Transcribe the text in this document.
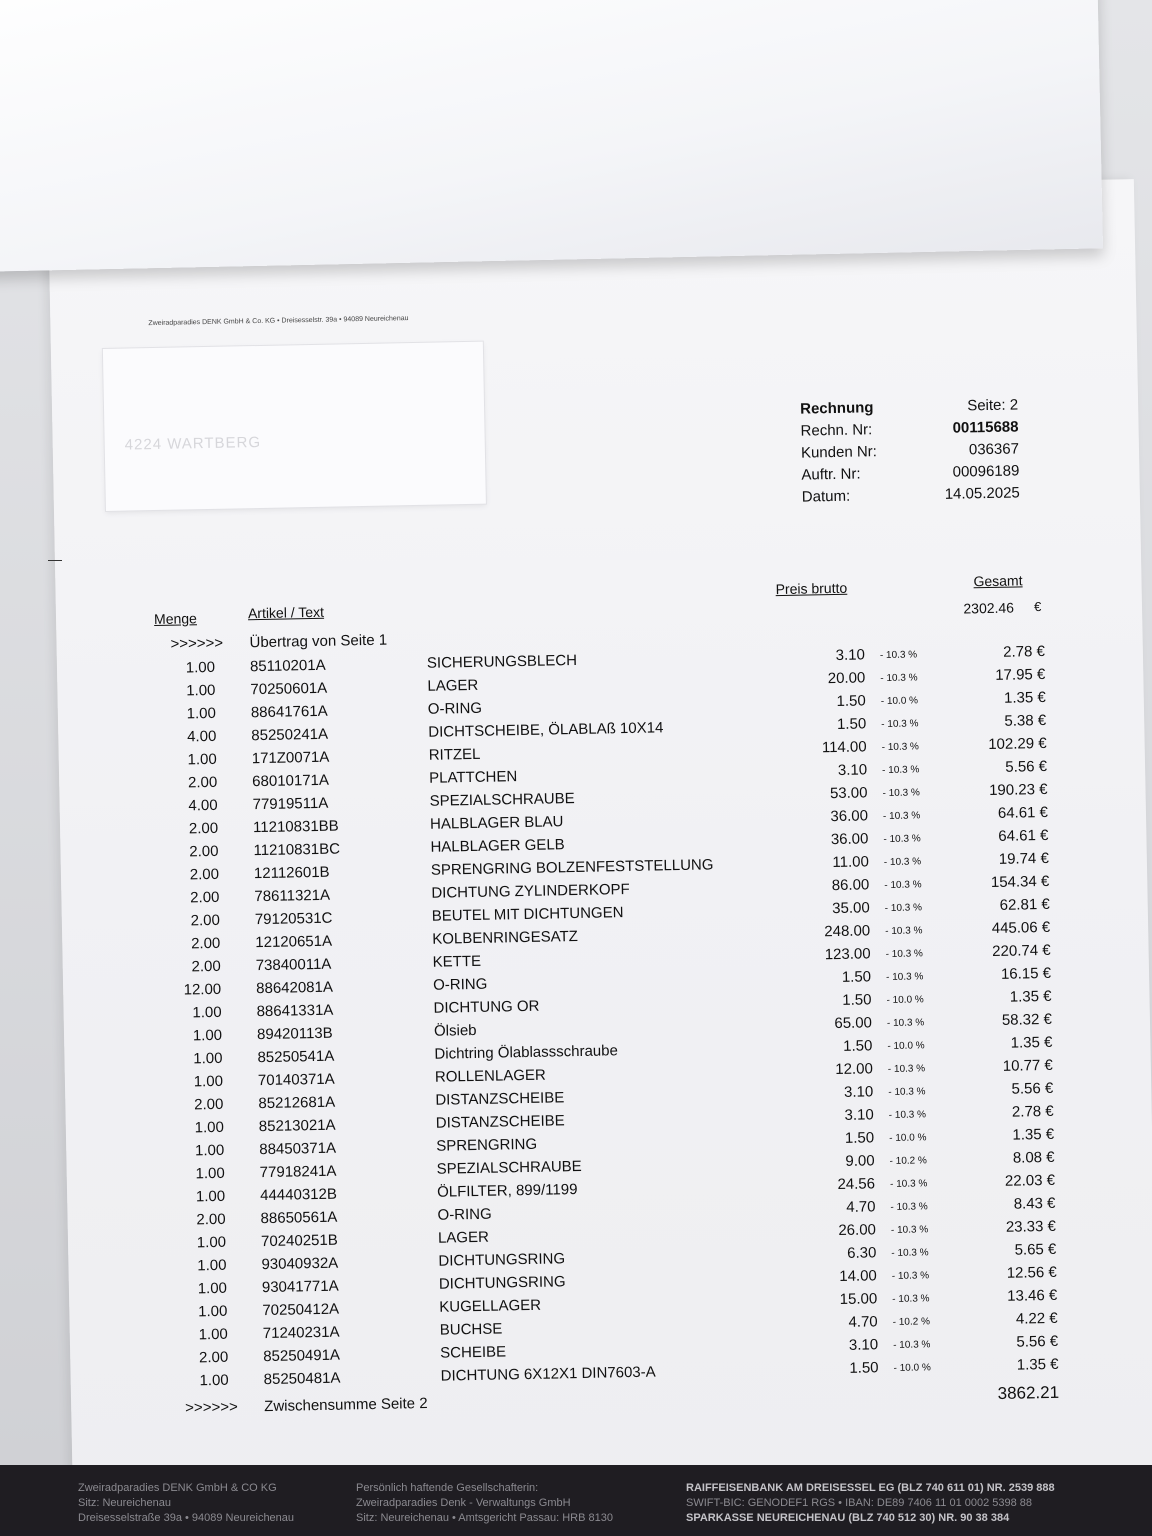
Zweiradparadies DENK GmbH & Co. KG • Dreisesselstr. 39a • 94089 Neureichenau
4224 WARTBERG
Rechnung	Seite: 2
Rechn. Nr:	00115688
Kunden Nr:	036367
Auftr. Nr:	00096189
Datum:	14.05.2025
Menge	Artikel / Text
Preis brutto	Gesamt
2302.46 €
>>>>>> Übertrag von Seite 1
1.00 85110201A	SICHERUNGSBLECH	3.10 - 10.3 %	2.78 €
1.00 70250601A	LAGER	20.00 - 10.3 %	17.95 €
1.00 88641761A	O-RING	1.50 - 10.0 %	1.35 €
4.00 85250241A	DICHTSCHEIBE, ÖLABLAß 10X14	1.50 - 10.3 %	5.38 €
1.00 171Z0071A	RITZEL	114.00 - 10.3 %	102.29 €
2.00 68010171A	PLATTCHEN	3.10 - 10.3 %	5.56 €
4.00 77919511A	SPEZIALSCHRAUBE	53.00 - 10.3 %	190.23 €
2.00 11210831BB	HALBLAGER BLAU	36.00 - 10.3 %	64.61 €
2.00 11210831BC	HALBLAGER GELB	36.00 - 10.3 %	64.61 €
2.00 12112601B	SPRENGRING BOLZENFESTSTELLUNG	11.00 - 10.3 %	19.74 €
2.00 78611321A	DICHTUNG ZYLINDERKOPF	86.00 - 10.3 %	154.34 €
2.00 79120531C	BEUTEL MIT DICHTUNGEN	35.00 - 10.3 %	62.81 €
2.00 12120651A	KOLBENRINGESATZ	248.00 - 10.3 %	445.06 €
2.00 73840011A	KETTE	123.00 - 10.3 %	220.74 €
12.00 88642081A	O-RING	1.50 - 10.3 %	16.15 €
1.00 88641331A	DICHTUNG OR	1.50 - 10.0 %	1.35 €
1.00 89420113B	Ölsieb	65.00 - 10.3 %	58.32 €
1.00 85250541A	Dichtring Ölablassschraube	1.50 - 10.0 %	1.35 €
1.00 70140371A	ROLLENLAGER	12.00 - 10.3 %	10.77 €
2.00 85212681A	DISTANZSCHEIBE	3.10 - 10.3 %	5.56 €
1.00 85213021A	DISTANZSCHEIBE	3.10 - 10.3 %	2.78 €
1.00 88450371A	SPRENGRING	1.50 - 10.0 %	1.35 €
1.00 77918241A	SPEZIALSCHRAUBE	9.00 - 10.2 %	8.08 €
1.00 44440312B	ÖLFILTER, 899/1199	24.56 - 10.3 %	22.03 €
2.00 88650561A	O-RING	4.70 - 10.3 %	8.43 €
1.00 70240251B	LAGER	26.00 - 10.3 %	23.33 €
1.00 93040932A	DICHTUNGSRING	6.30 - 10.3 %	5.65 €
1.00 93041771A	DICHTUNGSRING	14.00 - 10.3 %	12.56 €
1.00 70250412A	KUGELLAGER	15.00 - 10.3 %	13.46 €
1.00 71240231A	BUCHSE	4.70 - 10.2 %	4.22 €
2.00 85250491A	SCHEIBE	3.10 - 10.3 %	5.56 €
1.00 85250481A	DICHTUNG 6X12X1 DIN7603-A	1.50 - 10.0 %	1.35 €
>>>>>> Zwischensumme Seite 2
3862.21
Zweiradparadies DENK GmbH & CO KG
Sitz: Neureichenau
Dreisesselstraße 39a • 94089 Neureichenau
Persönlich haftende Gesellschafterin:
Zweiradparadies Denk - Verwaltungs GmbH
Sitz: Neureichenau • Amtsgericht Passau: HRB 8130
RAIFFEISENBANK AM DREISESSEL EG (BLZ 740 611 01) NR. 2539 888
SWIFT-BIC: GENODEF1 RGS • IBAN: DE89 7406 11 01 0002 5398 88
SPARKASSE NEUREICHENAU (BLZ 740 512 30) NR. 90 38 384
